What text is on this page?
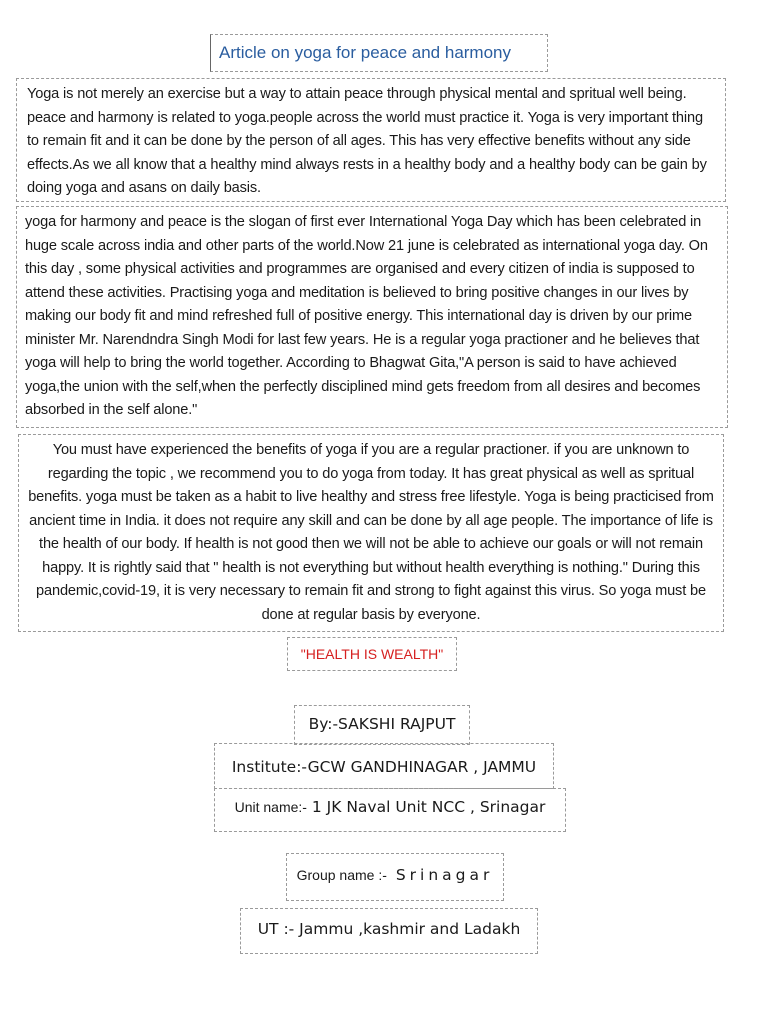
Article on yoga for peace and harmony
Yoga is not merely an exercise but a way to attain peace through physical mental and spritual well being. peace and harmony is related to yoga.people across the world must practice it. Yoga is very important thing to remain fit and it can be done by the person of all ages. This has very effective benefits without any side effects.As we all know that a healthy mind always rests in a healthy body and a healthy body can be gain by doing yoga and asans on daily basis.
yoga for harmony and peace is the slogan of first ever International Yoga Day which has been celebrated in huge scale across india and other parts of the world.Now 21 june is celebrated as international yoga day. On this day , some physical activities and programmes are organised and every citizen of india is supposed to attend these activities. Practising yoga and meditation is believed to bring positive changes in our lives by making our body fit and mind refreshed full of positive energy. This international day is driven by our prime minister Mr. Narendndra Singh Modi for last few years. He is a regular yoga practioner and he believes that yoga will help to bring the world together. According to Bhagwat Gita,"A person is said to have achieved yoga,the union with the self,when the perfectly disciplined mind gets freedom from all desires and becomes absorbed in the self alone."
You must have experienced the benefits of yoga if you are a regular practioner. if you are unknown to regarding the topic , we recommend you to do yoga from today. It has great physical as well as spritual benefits. yoga must be taken as a habit to live healthy and stress free lifestyle. Yoga is being practicised from ancient time in India. it does not require any skill and can be done by all age people. The importance of life is the health of our body. If health is not good then we will not be able to achieve our goals or will not remain happy. It is rightly said that " health is not everything but without health everything is nothing." During this pandemic,covid-19, it is very necessary to remain fit and strong to fight against this virus. So yoga must be done at regular basis by everyone.
"HEALTH IS WEALTH"
By:-SAKSHI RAJPUT
Institute:-GCW GANDHINAGAR , JAMMU
Unit name:- 1 JK Naval Unit NCC , Srinagar
Group name :- Srinagar
UT :- Jammu ,kashmir and Ladakh
